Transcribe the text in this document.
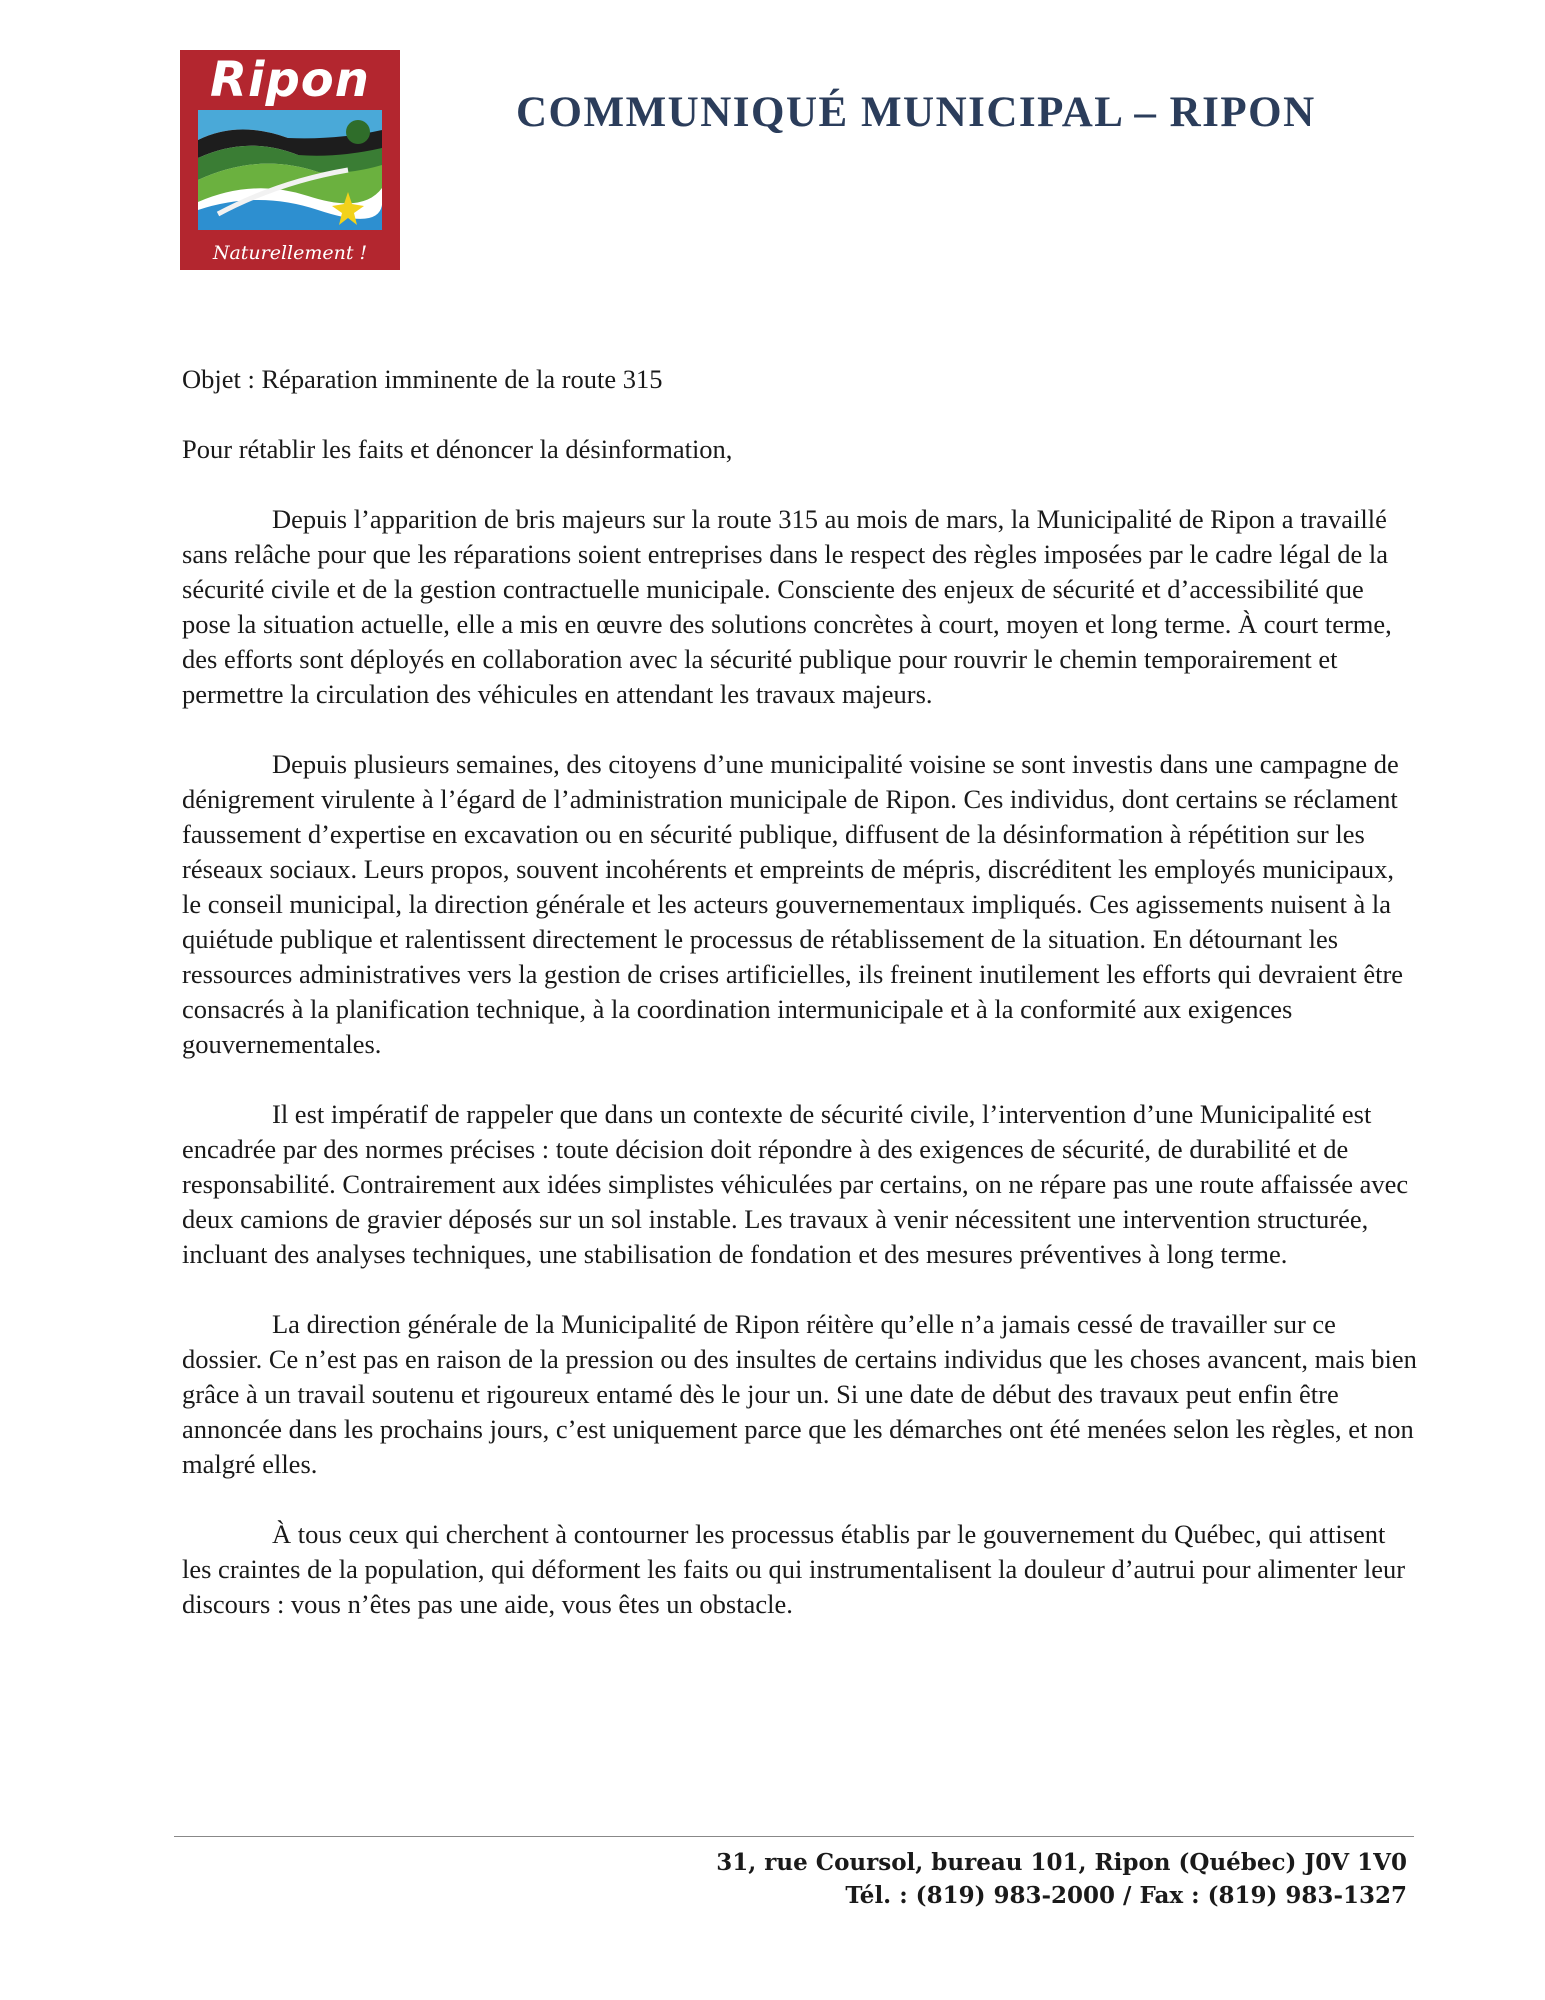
Ripon
Naturellement !
COMMUNIQUÉ MUNICIPAL – RIPON

Objet : Réparation imminente de la route 315

Pour rétablir les faits et dénoncer la désinformation,

Depuis l’apparition de bris majeurs sur la route 315 au mois de mars, la Municipalité de Ripon a travaillé sans relâche pour que les réparations soient entreprises dans le respect des règles imposées par le cadre légal de la sécurité civile et de la gestion contractuelle municipale. Consciente des enjeux de sécurité et d’accessibilité que pose la situation actuelle, elle a mis en œuvre des solutions concrètes à court, moyen et long terme. À court terme, des efforts sont déployés en collaboration avec la sécurité publique pour rouvrir le chemin temporairement et permettre la circulation des véhicules en attendant les travaux majeurs.

Depuis plusieurs semaines, des citoyens d’une municipalité voisine se sont investis dans une campagne de dénigrement virulente à l’égard de l’administration municipale de Ripon. Ces individus, dont certains se réclament faussement d’expertise en excavation ou en sécurité publique, diffusent de la désinformation à répétition sur les réseaux sociaux. Leurs propos, souvent incohérents et empreints de mépris, discréditent les employés municipaux, le conseil municipal, la direction générale et les acteurs gouvernementaux impliqués. Ces agissements nuisent à la quiétude publique et ralentissent directement le processus de rétablissement de la situation. En détournant les ressources administratives vers la gestion de crises artificielles, ils freinent inutilement les efforts qui devraient être consacrés à la planification technique, à la coordination intermunicipale et à la conformité aux exigences gouvernementales.

Il est impératif de rappeler que dans un contexte de sécurité civile, l’intervention d’une Municipalité est encadrée par des normes précises : toute décision doit répondre à des exigences de sécurité, de durabilité et de responsabilité. Contrairement aux idées simplistes véhiculées par certains, on ne répare pas une route affaissée avec deux camions de gravier déposés sur un sol instable. Les travaux à venir nécessitent une intervention structurée, incluant des analyses techniques, une stabilisation de fondation et des mesures préventives à long terme.

La direction générale de la Municipalité de Ripon réitère qu’elle n’a jamais cessé de travailler sur ce dossier. Ce n’est pas en raison de la pression ou des insultes de certains individus que les choses avancent, mais bien grâce à un travail soutenu et rigoureux entamé dès le jour un. Si une date de début des travaux peut enfin être annoncée dans les prochains jours, c’est uniquement parce que les démarches ont été menées selon les règles, et non malgré elles.

À tous ceux qui cherchent à contourner les processus établis par le gouvernement du Québec, qui attisent les craintes de la population, qui déforment les faits ou qui instrumentalisent la douleur d’autrui pour alimenter leur discours : vous n’êtes pas une aide, vous êtes un obstacle.

31, rue Coursol, bureau 101, Ripon (Québec) J0V 1V0
Tél. : (819) 983-2000 / Fax : (819) 983-1327
